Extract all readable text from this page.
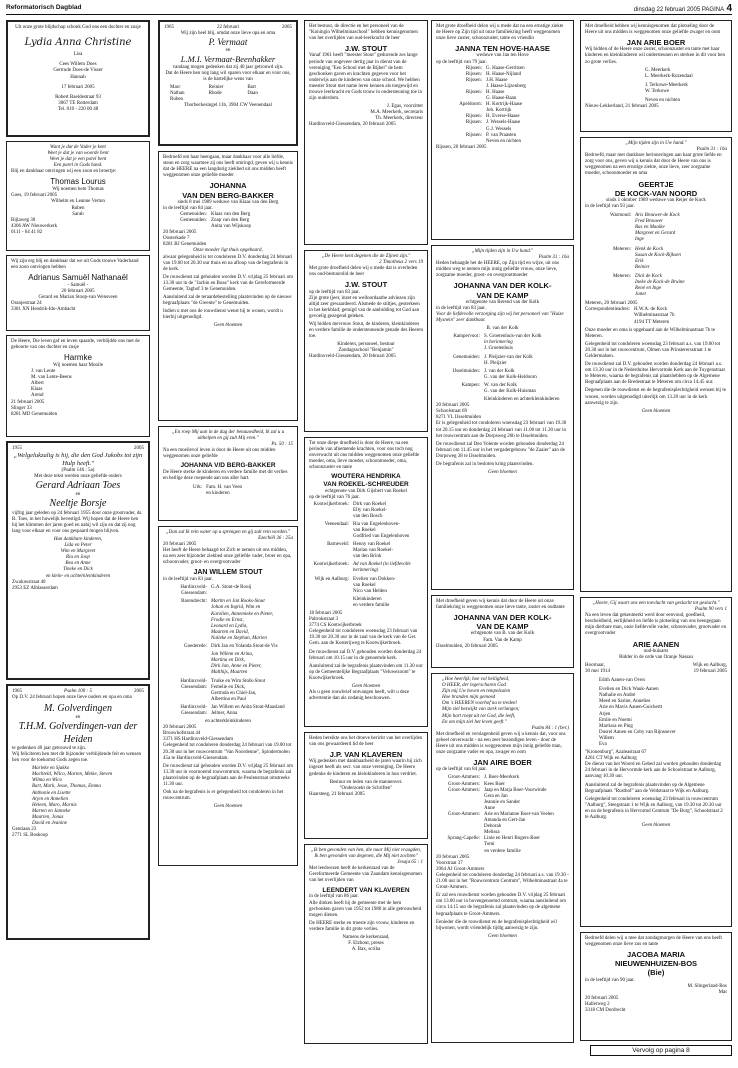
Reformatorisch Dagblad	dinsdag 22 februari 2005 PAGINA 4
Uit onze grote blijdschap schonk God ons een dochter en zusje
Lydia Anna Christine
Lisa
Cees Willem Does
Gertrude Does-de Visser
Hannah
17 februari 2005
Robert Baeldestraat 93
3067 TE Rotterdam
Tel. 010 - 220 00 48
Want je dat de Vader je kent
Weet je dat je van woorde bent
Weet je dat je een parel bent
Een parel in Gods hand.
Blij en dankbaar ontvingen wij een zoon en broertje:
Thomas Lourus
Wij noemen hem Thomas
Goes, 19 februari 2005
Wilhelm en Leanne Verton
Ruben
Sarah
Bijlaweg 30
4306 AW Nieuwerkerk
0111 - 64 41 82
Wij zijn erg blij en dankbaar dat we uit Gods trouwe Vaderhand een zoon ontvingen hebben
Adrianus Samuël Nathanaël
- Samuël -
20 februari 2005
Gerard en Marian Stoop-van Wensveen
Oranjestraat 24
3381 XN Hendrik-Ido-Ambacht
De Heere, Die leven gaf en leven spaarde, verblijdde ons met de geboorte van ons dochter en zusje
Harmke
Wij noemen haar Mooile
J. van Lente
M. van Lente-Beens
Albert
Klaas
Arend
21 februari 2005
Slinger 33
8281 MD Genemuiden
1955	2005
„Welgelukzalig is hij, die den God Jakobs tot zijn Hulp heeft."
(Psalm 146 : 5a)
Met deze tekst werden onze geliefde ouders
Gerard Adriaan Toes
en
Neeltje Borsje
vijftig jaar geleden op 24 februari 1955 door onze grootvader, ds. B. Toes, in het huwelijk bevestigd. Wij hopen dat de Heere hen bij het klimmen der jaren goed en nabij wil zijn en dat zij nog lang voor elkaar en voor ons gespaard mogen blijven.
Hun dankbare kinderen,
Lida en Peter
Wim en Margreet
Ria en Joop
Bea en Anne
Tineke en Dick
en klein- en achterkleinkinderen
Zwaluwstraat 40
2953 EZ Alblasserdam
1965	Psalm 100 : 5	2005
Op D.V. 24 februari hopen onze lieve ouders en opa en oma
M. Golverdingen
en
T.H.M. Golverdingen-van der Heiden
te gedenken 40 jaar getrouwd te zijn.
Wij feliciteren hen met dit bijzonder verblijdende feit en wensen hen voor de toekomst Gods zegen toe.
Marieke en Sjakko
Machteld, Wilco, Marten, Meike, Steven
Wilma en Wico
Bart, Mark, Jesse, Thomas, Emma
Anthonie en Lisette
Arjen en Annelien
Heleen, Maro, Marnix
Marten en Janneke
Maarten, Jonas
David en Jeanine
Gentiaan 23
2771 SL Boskoop
1965	22 februari	2005
Wij zijn heel blij, omdat onze lieve opa en oma
P. Vermaat
en
L.M.I. Vermaat-Beenhakker
vandaag mogen gedenken dat zij 40 jaar getrouwd zijn.
Dat de Heere hen nog lang wil sparen voor elkaar en voor ons, is de hartelijke wens van
Marc	Reinier	Bart
Nathan	Rhode	Daan
Ruben
Thorbeckesingel 11b, 3904 CW Veenendaal
Bedroefd om haar heengaan, maar dankbaar voor alle liefde, steun en zorg waarmee zij ons heeft omringd, geven wij u kennis dat de HEERE na een langdurig ziekbed uit ons midden heeft weggenomen onze geliefde moeder
JOHANNA
VAN DEN BERG-BAKKER
sinds 8 mei 1989 weduwe van Klaas van den Berg
in de leeftijd van 84 jaar.
Gemenuiden: Klaas van den Berg
Gemenuiden: Zoap van den Berg
Anita van Wijskoop
20 februari 2005
Oosterkade 7
8281 BJ Genemuiden
Onze moeder ligt thuis opgebaard,
alwaar gelegenheid is tot condoleren D.V. donderdag 24 februari van 19.00 tot 20.30 uur thuis en na afloop van de begrafenis in de kerk.
De rouwdienst zal gehouden worden D.V. vrijdag 25 februari om 13.30 uur in de "Jachin en Boaz" kerk van de Gereformeerde Gemeente, Taghof 3 te Genemuiden.
Aansluitend zal de teraardebestelling plaatsvinden op de nieuwe begraafplaats "de Greente" te Genemuiden.
Indien u met ons de rouwdienst wenst bij te wonen, wordt u hierbij uitgenodigd.
Geen bloemen
„En roep Mij aan in de dag der benauwdheid, Ik zal u u uithelpen en gij zult Mij eren."
Ps. 50 : 15
Na een moeilevol leven is door de Heere uit ons midden weggenomen onze geliefde
JOHANNA V/D BERG-BAKKER
De Heere sterke de kinderen en verdere familie met dit verlies en heilige deze roepende aan ons aller hart.
Urk: Fam. H. van Veen
en kinderen
„Dan zal Ik rein water op u sprengen en gij zult rein worden."
Ezechiël 36 : 25a
20 februari 2005
Het heeft de Heere behaagd tot Zich te nemen uit ons midden, na een zeer bijzonder ziekbed onze geliefde vader, broer en opa, schoonvader, groot- en overgrootvader
JAN WILLEM STOUT
in de leeftijd van 83 jaar.
Hardinxveld-Giessendam:
G.A. Stout-de Rooij
Barendrecht: Martin en Jan Rooks-Stout
Johan en Ingrid, Wim en
Karolien, Annemieke en Pieter,
Frodie en Ernst,
Leonard en Lydia,
Maarten en David,
Nalieke en Stephan, Marien
Goederede: Dirk Jan en Yolanda Stout-de Vis
Jan Willem en Arina,
Martina en Dirk,
Dirk Jan, Anne en Pieter,
Matthijs, Maarten
Hardinxveld-Giessendam:
Truike en Wim Stolk-Stout
Femelie en Dick,
Gertruda en Chiel-Jan,
Albertina en Paul
Hardinxveld-Giessendam:
Jan Willem en Anita Stout-Maasland
Jelmer, Anna
en achterkleinkinderen
20 februari 2005
Brouwhofstraat 44
3371 HS Hardinxveld-Giessendam
Gelegenheid tot condoleren donderdag 24 februari van 19.00 tot 20.30 uur in het rouwcentrum "Van Noordenne", Spindermolen 45a te Hardinxveld-Giessendam.
De rouwdienst zal gehouden worden D.V. vrijdag 25 februari om 13.30 uur in voornoemd rouwcentrum, waarna de begrafenis zal plaatsvinden op de begraafplaats aan de Peulenstraat omstreeks 11.30 uur.
Ook na de begrafenis is er gelegenheid tot condoleren in het rouwcentrum.
Geen bloemen
Het bestuur, de directie en het personeel van de "Koningin Wilhelminaschool" hebben kennisgenomen van het overlijden van oud-leerkracht de heer
J.W. STOUT
Vanaf 1961 heeft "meester Stout" gedurende zes lange periode van ongeveer dertig jaar in dienst van de vereniging "Een School met de Bijbel" de hem geschonken gaven en krachten gegeven voor het onderwijs aan de kinderen van onze school. We hebben meester Stout met name leren kennen als toegewijd en trouwe leerkracht en Gods trouw in ondersteuning toe in zijn ouderdom.
J. Egas, voorzitter
M.A. Meerkerk, secretaris
Th. Meerkerk, directeur
Hardinxveld-Giessendam, 20 februari 2005
„De Heere kent degenen die de Zijnen zijn."
2 Timotheus 2 vers 19
Met grote droefheid delen wij u mede dat is overleden ons oud-bestuurslid de heer
J.W. STOUT
op de leeftijd van 83 jaar.
Zijn grote (jeer, inzet en welloordaarbe adviezen zijn altijd zeer gewaardeerd. Alsmede de stiltjes, gesterkeen in het kerkblad; getuigd van de aanbidding tot God aan gevoelig gezegend geleken.
Wij bidden mevrouw Stout, de kinderen, kleinkinderen en verdere familie de ondersteunende genade des Heeren toe.
Kinderen, personeel, bestuur
Zondagsschool "Benjamin"
Hardinxveld-Giessendam, 20 februari 2005
Tot onze diepe droefheid is door de Heere, na een periode van afnemende krachten, voor ons toch nog onverwacht uit ons midden weggenomen onze geliefde moeder, oma, lieve moeder, schoonmoeder, oma, schoonzuster en tante
WOUTERA HENDRIKA
VAN ROEKEL-SCHREUDER
echtgenote van Dirk Gijsbert van Roekel
op de leeftijd van 76 jaar.
Kootwijkerbroek: Dirk van Roekel
Elly van Roekel-
van den Bosch
Veenendaal: Ria van Engelenhoven-
van Roekel
Godfried van Engelenhoven
Barneveld: Henny van Roekel
Marian van Roekel-
van den Brink
Kootwijkerbroek: Ad van Roekel (in liefdevolle
herinnering)
Wijk en Aalburg: Evelien van Dokken-
van Roekel
Nico van Helden
Kleinkinderen
en verdere familie
18 februari 2005
Paltrokstraat 3
3774 CS Kootwijkerbroek
Gelegenheid tot condoleren woensdag 23 februari van 19.30 tot 20.30 uur in de zaal van de kerk van de Ger. Gem. aan de Kosterijweg te Kootwijkerbroek.
De rouwdienst zal D.V. gehouden worden donderdag 24 februari om 10.15 uur in de genoemde kerk.
Aansluitend zal de begrafenis plaatsvinden om 11.30 uur op de Gemeentelijke Begraafplaats "Veluwezoom" te Kootwijkerbroek.
Geen bloemen
Als u geen rouwbrief ontvangen heeft, wilt u deze advertentie dan als zodanig beschouwen.
Heden bereikte ons het droeve bericht van het overlijden van ons gewaardeerd lid de heer
J.P. VAN KLAVEREN
Wij gedenken met dankbaarheid de jaren waarin hij zich ingezet heeft als secr. van onze vereniging. De Heere gedenke de kinderen en kleinkinderen in hun verdriet.
Bestuur en leden van de mannenver.
"Onderzoekt de Schriften"
Haarsteeg, 21 februari 2005
„Ik ben gevonden van hen, die naar Mij niet vraagden, Ik ben gevonden van degenen, die Mij niet zochten"
Jesaja 65 : 1
Met leedwezen heeft de kerkenraad van de Gereformeerde Gemeente van Zaandam kennisgenomen van het overlijden van
LEENDERT VAN KLAVEREN
in de leeftijd van 86 jaar.
Alle dinken heeft hij de gemeente met de hem gechonken gaven van 1952 tot 1980 in alle getrouwheid mogen dienen.
De HEERE sterke en troeste zijn vrouw, kinderen en verdere familie in dit grote verlies.
Namens de kerkenraad,
F. Elzhout, preses
A. Bax, scriba
Met grote droefheid delen wij u mede dat na een ernstige ziekte de Heere op Zijn tijd uit onze familiekring heeft weggenomen onze lieve zuster, schoonzuster, tante en vriendin
JANNA TEN HOVE-HAASE
weduwe van Jan ten Hove
op de leeftijd van 79 jaar.
Rijssen: G. Haase-Gerritsen
Rijssen: H. Haase-Nijland
Rijssen: J.H. Haase
J. Haase-Lijzenberg
Rijssen: H. Haase
G. Haase-Baan
Apeldoorn: H. Kortrijk-Haase
Joh. Kortrijk
Rijssen: H. Everse-Haase
Rijssen: J. Wessels-Haase
G.J. Wessels
Rijssen: P. van Praasten
Neven en nichten
Rijssen, 20 februari 2005
„Mijn tijden zijn in Uw hand."
Psalm 31 : 16a
Heden behaagde het de HEERE, op Zijn tijd en wijze, uit ons midden weg te nemen mijn innig geliefde vrouw, onze lieve, zorgzame moeder, groot- en overgrootmoeder
JOHANNA VAN DER KOLK-
VAN DE KAMP
echtgenote van Berend van der Kolk
in de leeftijd van 83 jaar.
Voor de liefdevolle verzorging zijn wij het personeel van "Huize Mysnein" zeer dankbaar.
B. van der Kolk
Kampervoor: S. Groetenhuis-van der Kolk
in herinnering
J. Groetenhuis
Genemuiden: J. Pleijzier-van der Kolk
H. Pleijzier
IJsselmuiden: J. van der Kolk
G. van der Kolk-Heldoorn
Kampen: W. van der Kolk
G. van der Kolk-Huisman
Kleinkinderen en achterkleinkinderen
20 februari 2005
Schoolstraat 69
8271 VL IJsselmuiden
Er is gelegenheid tot condoleren woensdag 23 februari van 19.30 tot 20.15 uur en donderdag 24 februari van 11.00 tot 11.30 uur in het rouwcentrum aan de Dorpsweg 26b te IJsselmuiden.
De rouwdienst zal Deo Volente worden gehouden donderdag 24 februari om 11.45 uur in het vergadergebouw "de Zaaier" aan de Dorpsweg 38 te IJsselmuiden.
De begrafenis zal in besloten kring plaatsvinden.
Geen bloemen
Met droefheid geven wij kennis dat door de Heere uit onze familiekring is weggenomen onze lieve tante, zuster en oudtante
JOHANNA VAN DER KOLK-
VAN DE KAMP
echtgenote van B. van der Kolk
Fam. Van de Kamp
IJsselmuiden, 20 februari 2005
„Hoe heerlijk, hoe vol heiligheid,
O HEER, der legerscharen God
Zijn mij Uw hoven en tempelzalen
Hoe branden mijn gemoed
Om 's HEEREN voorhof na te treden!
Mijn ziel bezwijkt van sterk verlangen;
Mijn hart roept uit tot God, die leeft,
En om mijn ziel het leven geeft."
Psalm 84 : 1 (ber.)
Met droefheid en verslagenheid geven wij u kennis dat, voor ons geheel onverwacht - na een zeer bezondigen leven - door de Heere uit ons midden is weggenomen mijn innig geliefde man, onze zorgzame vader en opa, zwager en oom
JAN AIRE BOER
op de leeftijd van 84 jaar.
Groot-Ammers: J. Boer-Meerkerk
Groot-Ammers: Kees Boer
Groot-Ammers: Jaap en Marja Boer-Voorwinde
Gera en Jan
Jeannie en Sander
Anne
Groot-Ammers: Arie en Marianne Boer-van Veelen
Amanda en Gert-Jan
Deborah
Melissa
Sprang-Capelle: Linie en Henri Bogers-Boer
Tomi
en verdere familie
20 februari 2005
Voorstraat 37
2964 AJ Groot-Ammers
Gelegenheid tot condoleren donderdag 24 februari a.s. van 19.30 - 21.00 uur in het "Rouwcentrum Centrum", Wilhelminastraat 4a te Groot-Ammers.
Er zal een rouwdienst worden gehouden D.V. vrijdag 25 februari om 13.00 uur in bovengenoemd centrum, waarna aansluitend om circa 14.15 uur de begrafenis zal plaatsvinden op de algemene begraafplaats te Groot-Ammers.
Eenieder die de rouwdienst en de begrafenisplechtigheid wil bijwonen, wordt vriendelijk tijdig aanwezig te zijn.
Geen bloemen
Met droefheid hebben wij kennisgenomen dat plotseling door de Heere uit ons midden is weggenomen onze geliefde zwager en oom
JAN ARIE BOER
Wij bidden of de Heere onze zuster, schoonzuster en tante met haar kinderen en kleinkinderen wil ondersteunen en sterken in dit voor hen zo grote verlies.
G. Meerkerk
L. Meerkerk-Rozendaal
J. Terkowe-Meerkerk
W. Terkowe
Neven en nichten
Nieuw-Lekkerland, 21 februari 2005
„Mijn tijden zijn in Uw hand."
Psalm 31 : 16a
Bedroefd, maar met dankbare herinneringen aan haar grote liefde en zorg voor ons, geven wij u kennis dat door de Heere van ons is weggenomen na een ernstige ziekte, onze lieve, zeer zorgzame moeder, schoonmoeder en oma
GEERTJE
DE KOCK-VAN NOORD
sinds 1 oktober 1989 weduwe van Reijer de Kock
in de leeftijd van 93 jaar.
Warmond: Aris Brouwer-de Kock
Fred Brouwer
Bas en Maaike
Margreet en Gerard
Inge
Meteren: Henk de Kock
Susan de Kock-Rijksen
Erik
Reinier
Meteren: Dick de Kock
Ineke de Kock-de Bruine
René en Inge
Janet
Meteren, 20 februari 2005
Correspondentieadres: H.W.A. de Kock
Wilhelminastraat 7b
4194 TT Meteren
Onze moeder en oma is opgebaard aan de Wilhelminastraat 7b te Meteren.
Gelegenheid tot condoleren woensdag 23 februari a.s. van 19.00 tot 20.30 uur in het rouwcentrum, Olmen van Prinsterersstraat 1 te Geldermalsen.
De rouwdienst zal D.V. gehouden worden donderdag 24 februari a.s. om 13.30 uur in de Nederduitse Hervormde Kerk aan de Tuygenstraat te Meteren, waarna de begrafenis zal plaatshebben op de Algemene Begraafplaats aan de Bredestraat te Meteren om circa 14.45 uur.
Degenen die de rouwdienst en de begrafenisplechtigheid wensen bij te wonen, worden uitgenodigd uiterlijk om 13.20 uur in de kerk aanwezig te zijn.
Geen bloemen
„Hoere, Gij waart ons een toevlucht van geslacht tot geslacht."
Psalm 90 vers 1
Na een leven dat gekenmerkt werd door eenvoud, goedheid, bescheidheid, eerlijkheid en liefde is plotseling van ons heengegaan mijn dierbare man, onze liefdevolle vader, schoonvader, grootvader en overgrootvader
ARIE AANEN
oud-huisarts
Ridder in de orde van Oranje Nassau
Hoornaar,	Wijk en Aalburg,
30 mei 1914	19 februari 2005
Edith Aanen-van Oven
Evelien en Dick Wauk-Aanen
Nathalie en André
Meed en Sarine, Annelies
Arie en Mavis Aanen-Guichertt
Arjen
Emile en Noemi
Marrissa en Ping
Dusrel Aanen en Coby van Rijnsoever
Willem
Eva
"Kronenburg", Azaleastraat 67
4261 CT Wijk en Aalburg
De dienst van het Woord en Gebed zal worden gehouden donderdag 24 februari in de Hervormde kerk aan de Schoolstraat te Aalburg, aanvang 10.30 uur.
Aansluitend zal de begrafenis plaatsvinden op de Algemene Begraafplaats "Rusthof" aan de Veldstraat te Wijk en Aalburg.
Gelegenheid tot condoleren woensdag 23 februari in rouwcentrum "Aalburg", Steegstraat 1 te Wijk en Aalburg, van 19.30 tot 20.30 uur en na de begrafenis in Hervormd Centrum "De Burg", Schoolstraat 2 te Aalburg.
Geen bloemen
Bedroefd delen wij u mee dat zondagmorgen de Heere van ons heeft weggenomen onze lieve zus en tante
JACOBA MARIA
NIEUWENHUIZEN-BOS
(Bie)
in de leeftijd van 90 jaar.
M. Slingerland-Bos
Mar
20 februari 2005
Hallerweg 2
3318 CM Dordrecht
Vervolg op pagina 8
